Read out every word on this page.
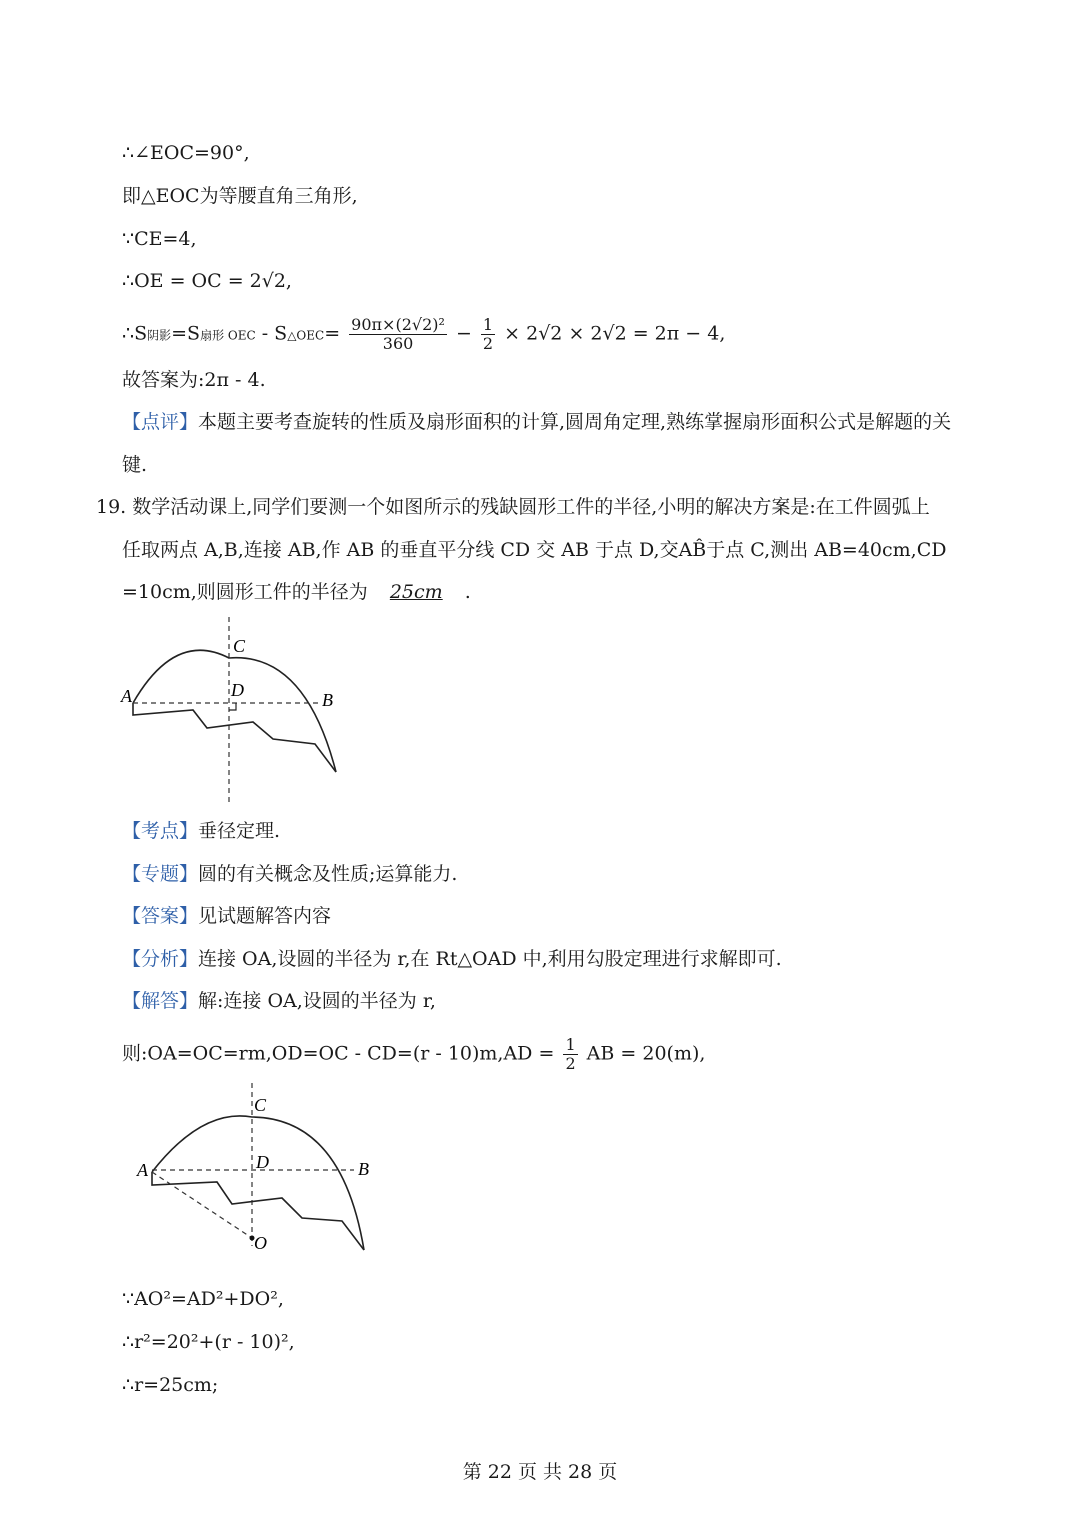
∴∠EOC=90°,
即△EOC为等腰直角三角形,
∵CE=4,
∴OE = OC = 2√2,
∴S阴影=S扇形 OEC - S△OEC= $\frac{\text{90π×(2√2)²}}{360} - \frac{1}{2} \times 2√2 \times 2√2 = 2\pi - 4$,
故答案为:2π - 4.
【点评】本题主要考查旋转的性质及扇形面积的计算,圆周角定理,熟练掌握扇形面积公式是解题的关
键.
19. 数学活动课上,同学们要测一个如图所示的残缺圆形工件的半径,小明的解决方案是:在工件圆弧上
任取两点 A,B,连接 AB,作 AB 的垂直平分线 CD 交 AB 于点 D,交AB̂于点 C,测出 AB=40cm,CD
=10cm,则圆形工件的半径为 25cm .
C
D
A	B
【考点】垂径定理.
【专题】圆的有关概念及性质;运算能力.
【答案】见试题解答内容
【分析】连接 OA,设圆的半径为 r,在 Rt△OAD 中,利用勾股定理进行求解即可.
【解答】解:连接 OA,设圆的半径为 r,
则:OA=OC=rm,OD=OC - $CD=(r - 10)m,AD = \frac{1}{2}$ AB = 20(m),
C
D
A	B
O
∵AO²=AD²+DO²,
∴r²=20²+(r - 10)²,
∴r=25cm;
第 22 页 共 28 页
